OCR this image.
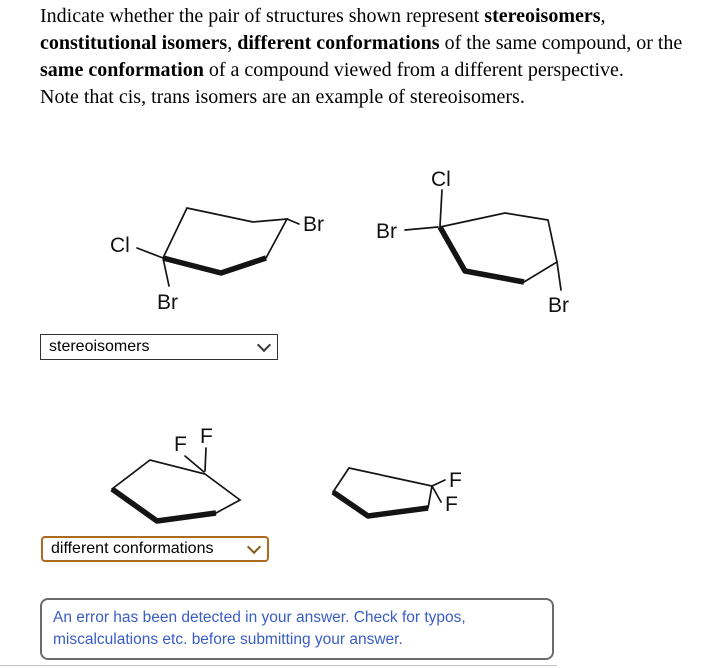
Indicate whether the pair of structures shown represent stereoisomers, constitutional isomers, different conformations of the same compound, or the same conformation of a compound viewed from a different perspective.

Note that cis, trans isomers are an example of stereoisomers.

Cl
Br
Br
Cl
Br
Br
F F
F
F
stereoisomers
different conformations

An error has been detected in your answer. Check for typos, miscalculations etc. before submitting your answer.
